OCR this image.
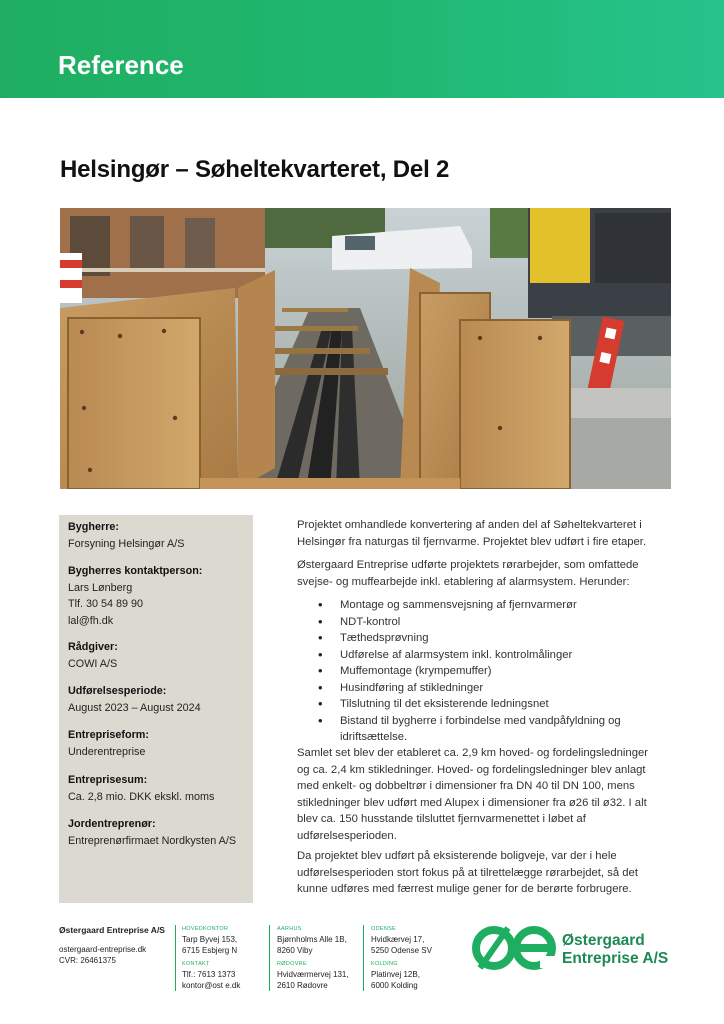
Reference
Helsingør – Søheltekvarteret, Del 2
Bygherre:
Forsyning Helsingør A/S
Bygherres kontaktperson:
Lars Lønberg
Tlf. 30 54 89 90
lal@fh.dk
Rådgiver:
COWI A/S
Udførelsesperiode:
August 2023 – August 2024
Entrepriseform:
Underentreprise
Entreprisesum:
Ca. 2,8 mio. DKK ekskl. moms
Jordentreprenør:
Entreprenørfirmaet Nordkysten A/S

Projektet omhandlede konvertering af anden del af Søheltekvarteret i Helsingør fra naturgas til fjernvarme. Projektet blev udført i fire etaper.

Østergaard Entreprise udførte projektets rørarbejder, som omfattede svejse- og muffearbejde inkl. etablering af alarmsystem. Herunder:

• Montage og sammensvejsning af fjernvarmerør
• NDT-kontrol
• Tæthedsprøvning
• Udførelse af alarmsystem inkl. kontrolmålinger
• Muffemontage (krympemuffer)
• Husindføring af stikledninger
• Tilslutning til det eksisterende ledningsnet
• Bistand til bygherre i forbindelse med vandpåfyldning og idriftsættelse.

Samlet set blev der etableret ca. 2,9 km hoved- og fordelingsledninger og ca. 2,4 km stikledninger. Hoved- og fordelingsledninger blev anlagt med enkelt- og dobbeltrør i dimensioner fra DN 40 til DN 100, mens stikledninger blev udført med Alupex i dimensioner fra ø26 til ø32. I alt blev ca. 150 husstande tilsluttet fjernvarmenettet i løbet af udførelsesperioden.

Da projektet blev udført på eksisterende boligveje, var der i hele udførelsesperioden stort fokus på at tilrettelægge rørarbejdet, så det kunne udføres med færrest mulige gener for de berørte forbrugere.

Østergaard Entreprise A/S
ostergaard-entreprise.dk
CVR: 26461375
HOVEDKONTOR
Tarp Byvej 153,
6715 Esbjerg N
KONTAKT
Tlf.: 7613 1373
kontor@ost e.dk
AARHUS
Bjørnholms Alle 1B,
8260 Viby
RØDOVRE
Hvidværmervej 131,
2610 Rødovre
ODENSE
Hvidkærvej 17,
5250 Odense SV
KOLDING
Platinvej 12B,
6000 Kolding
Østergaard
Entreprise A/S
